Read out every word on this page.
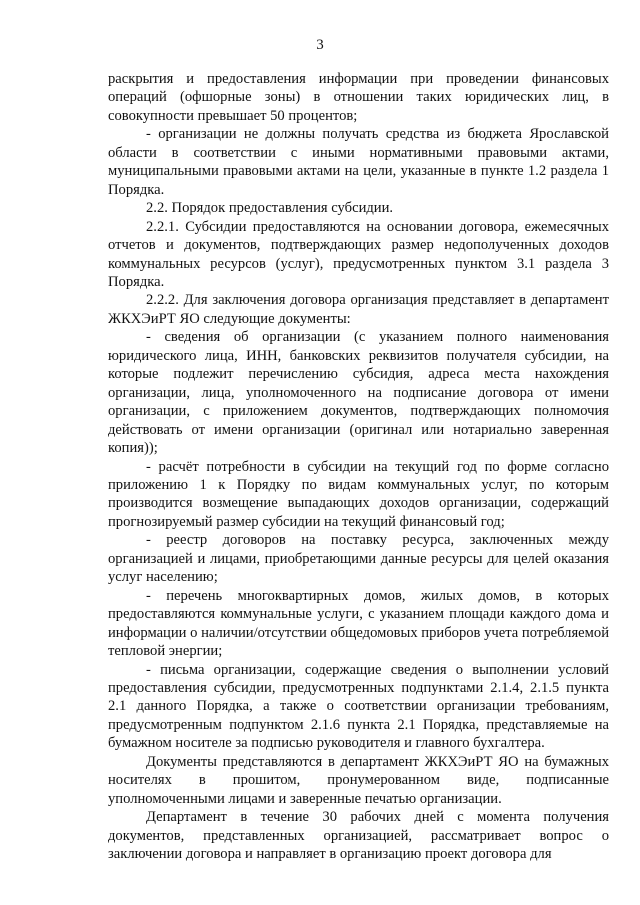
3

раскрытия и предоставления информации при проведении финансовых операций (офшорные зоны) в отношении таких юридических лиц, в совокупности превышает 50 процентов;

- организации не должны получать средства из бюджета Ярославской области в соответствии с иными нормативными правовыми актами, муниципальными правовыми актами на цели, указанные в пункте 1.2 раздела 1 Порядка.

2.2. Порядок предоставления субсидии.

2.2.1. Субсидии предоставляются на основании договора, ежемесячных отчетов и документов, подтверждающих размер недополученных доходов коммунальных ресурсов (услуг), предусмотренных пунктом 3.1 раздела 3 Порядка.

2.2.2. Для заключения договора организация представляет в департамент ЖКХЭиРТ ЯО следующие документы:

- сведения об организации (с указанием полного наименования юридического лица, ИНН, банковских реквизитов получателя субсидии, на которые подлежит перечислению субсидия, адреса места нахождения организации, лица, уполномоченного на подписание договора от имени организации, с приложением документов, подтверждающих полномочия действовать от имени организации (оригинал или нотариально заверенная копия));

- расчёт потребности в субсидии на текущий год по форме согласно приложению 1 к Порядку по видам коммунальных услуг, по которым производится возмещение выпадающих доходов организации, содержащий прогнозируемый размер субсидии на текущий финансовый год;

- реестр договоров на поставку ресурса, заключенных между организацией и лицами, приобретающими данные ресурсы для целей оказания услуг населению;

- перечень многоквартирных домов, жилых домов, в которых предоставляются коммунальные услуги, с указанием площади каждого дома и информации о наличии/отсутствии общедомовых приборов учета потребляемой тепловой энергии;

- письма организации, содержащие сведения о выполнении условий предоставления субсидии, предусмотренных подпунктами 2.1.4, 2.1.5 пункта 2.1 данного Порядка, а также о соответствии организации требованиям, предусмотренным подпунктом 2.1.6 пункта 2.1 Порядка, представляемые на бумажном носителе за подписью руководителя и главного бухгалтера.

Документы представляются в департамент ЖКХЭиРТ ЯО на бумажных носителях в прошитом, пронумерованном виде, подписанные уполномоченными лицами и заверенные печатью организации.

Департамент в течение 30 рабочих дней с момента получения документов, представленных организацией, рассматривает вопрос о заключении договора и направляет в организацию проект договора для
